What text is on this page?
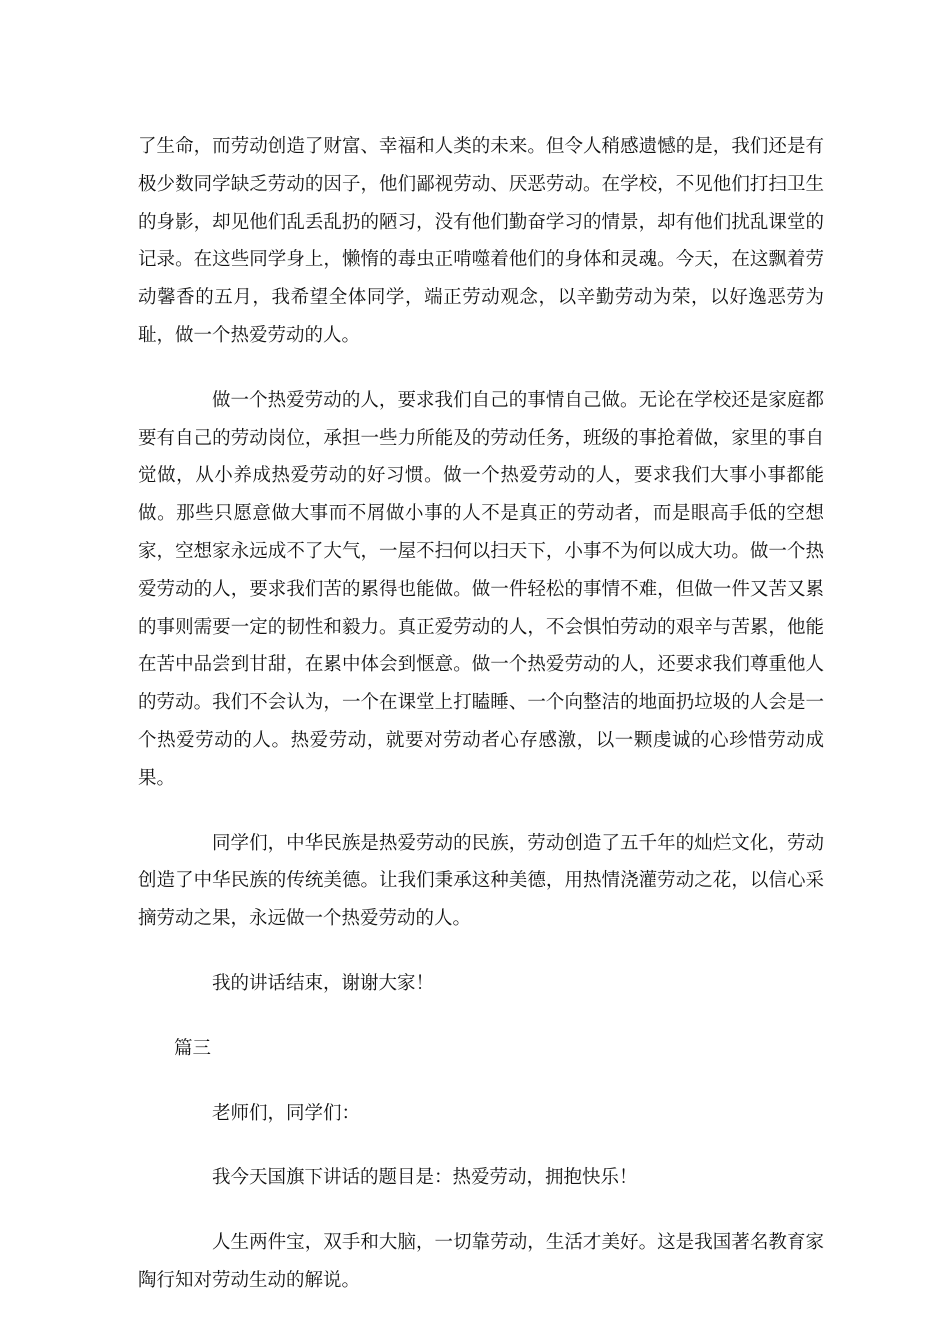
了生命，而劳动创造了财富、幸福和人类的未来。但令人稍感遗憾的是，我们还是有极少数同学缺乏劳动的因子，他们鄙视劳动、厌恶劳动。在学校，不见他们打扫卫生的身影，却见他们乱丢乱扔的陋习，没有他们勤奋学习的情景，却有他们扰乱课堂的记录。在这些同学身上，懒惰的毒虫正啃噬着他们的身体和灵魂。今天，在这飘着劳动馨香的五月，我希望全体同学，端正劳动观念，以辛勤劳动为荣，以好逸恶劳为耻，做一个热爱劳动的人。

做一个热爱劳动的人，要求我们自己的事情自己做。无论在学校还是家庭都要有自己的劳动岗位，承担一些力所能及的劳动任务，班级的事抢着做，家里的事自觉做，从小养成热爱劳动的好习惯。做一个热爱劳动的人，要求我们大事小事都能做。那些只愿意做大事而不屑做小事的人不是真正的劳动者，而是眼高手低的空想家，空想家永远成不了大气，一屋不扫何以扫天下，小事不为何以成大功。做一个热爱劳动的人，要求我们苦的累得也能做。做一件轻松的事情不难，但做一件又苦又累的事则需要一定的韧性和毅力。真正爱劳动的人，不会惧怕劳动的艰辛与苦累，他能在苦中品尝到甘甜，在累中体会到惬意。做一个热爱劳动的人，还要求我们尊重他人的劳动。我们不会认为，一个在课堂上打瞌睡、一个向整洁的地面扔垃圾的人会是一个热爱劳动的人。热爱劳动，就要对劳动者心存感激，以一颗虔诚的心珍惜劳动成果。

同学们，中华民族是热爱劳动的民族，劳动创造了五千年的灿烂文化，劳动创造了中华民族的传统美德。让我们秉承这种美德，用热情浇灌劳动之花，以信心采摘劳动之果，永远做一个热爱劳动的人。

我的讲话结束，谢谢大家！

篇三

老师们，同学们：

我今天国旗下讲话的题目是：热爱劳动，拥抱快乐！

人生两件宝，双手和大脑，一切靠劳动，生活才美好。这是我国著名教育家陶行知对劳动生动的解说。
